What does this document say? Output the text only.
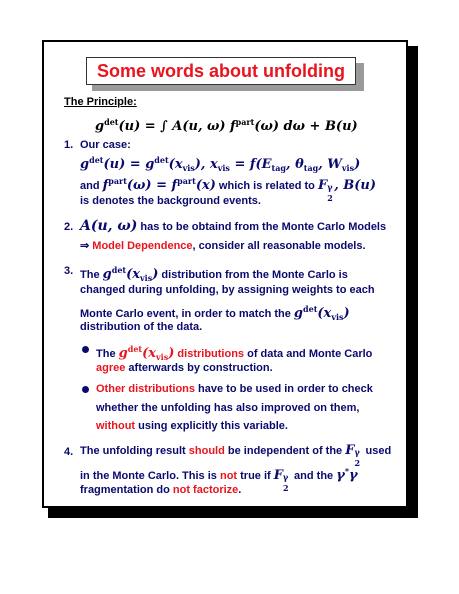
Some words about unfolding
The Principle:
$g^{det}(u)$ = ∫ A(u, ω) $f^{part}(\omega) d\omega + B(u)$
1. Our case:
$g^{det}(u) = g^{det}(x_{vis})$, $x_{vis} = f(E_{tag}$, $\theta_{tag}$, $W_{vis}$)
and $f^{part}(\omega) = f^{part}(x)$ which is related to F γ
2
, B(u)
is denotes the background events.
2. A(u, ω) has to be obtaind from the Monte Carlo Models
⇒ Model Dependence, consider all reasonable models.
3. The $g^{det}(x_{vis})$ distribution from the Monte Carlo is
changed during unfolding, by assigning weights to each
Monte Carlo event, in order to match the $g^{det}(x_{vis})$
distribution of the data.
The $g^{det}(x_{vis})$ distributions of data and Monte Carlo
agree afterwards by construction.
Other distributions have to be used in order to check
whether the unfolding has also improved on them,
without using explicitly this variable.
4. The unfolding result should be independent of the F γ
2
used
in the Monte Carlo. This is not true if F γ
2
and the γ*γ
fragmentation do not factorize.
